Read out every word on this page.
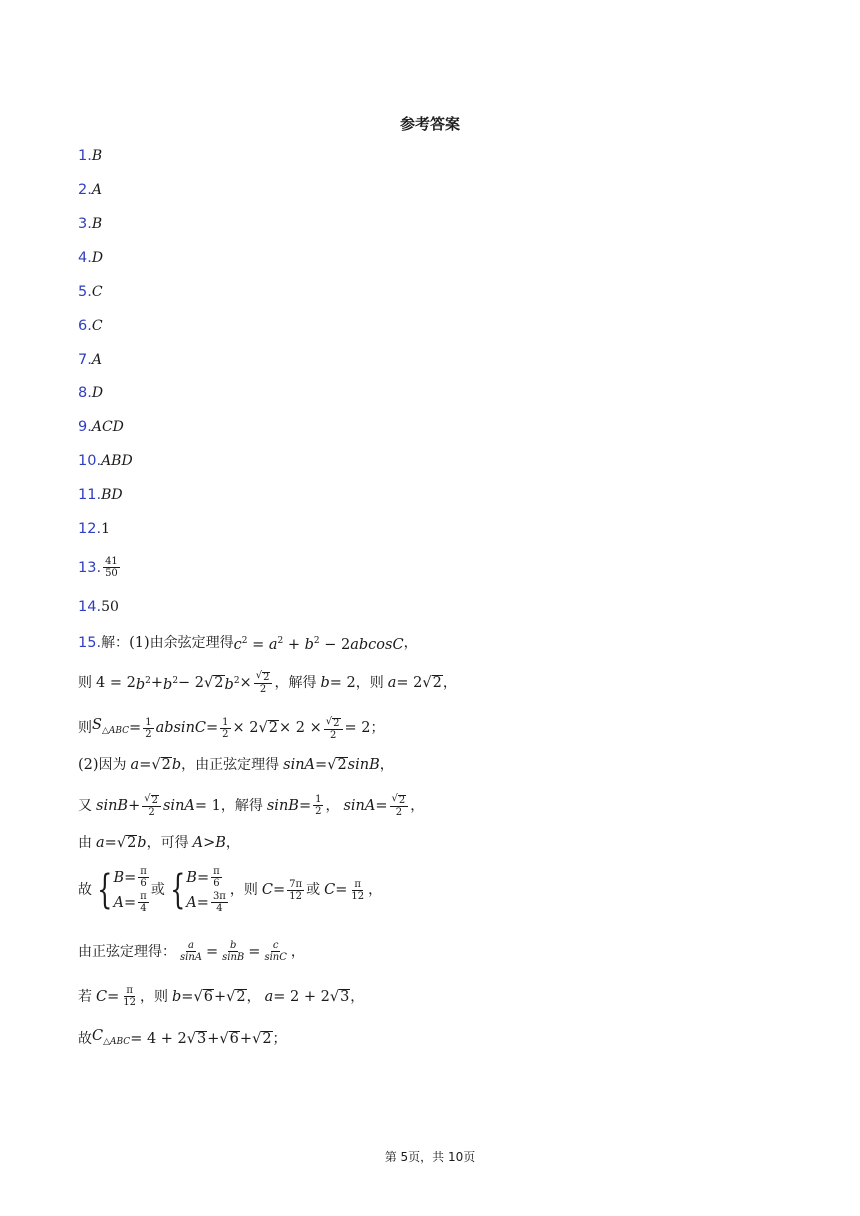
参考答案
1. B
2. A
3. B
4. D
5. C
6. C
7. A
8. D
9. ACD
10. ABD
11. BD
12. 1
13. $\frac{41}{50}$
14. 50
15. 解： (1) 由余弦定理得 $c^2 = a^2 + b^2 - 2abcosC$ ，
则 4 = 2 $b^2 + b^2 - 2$ √ 2 $b^2 \times \frac{√ 2}{2}$ ，解得 b = 2 ，则 a = 2 √ 2 ，
则 $S_{\triangle ABC} = \frac{1}{2}$ $absinC = \frac{1}{2} \times 2$ √ $2 \times 2 \times \frac{√ 2}{2} = 2$ ；
(2) 因为 a = √ 2 b ，由正弦定理得 sinA = √ 2 sinB ，
又 $\sin B + \frac{√ 2}{2}$ sinA = 1 ，解得 $\sin B = \frac{1}{2}$ ， $\sin A = \frac{√ 2}{2}$ ，
由 a = √ 2 b ，可得 A > B ，
故 { $B = \frac{\pi}{6}$
$A = \frac{\pi}{4}$
或 { $B = \frac{\pi}{6}$
$A = \frac{3\pi}{4}$
，则 $C = \frac{7\pi}{12}$ 或 $C = \frac{\pi}{12}$ ，
由正弦定理得： $\frac{a}{\sin A} = \frac{b}{\sin B} = \frac{c}{\sin C}$ ，
若 $C = \frac{\pi}{12}$ ，则 b = √ 6 + √ 2 ， a = 2 + 2 √ 3 ，
故 $C_{\triangle ABC} = 4 + 2$ √ 3 + √ 6 + √ 2 ；
第 5页，共 10页
